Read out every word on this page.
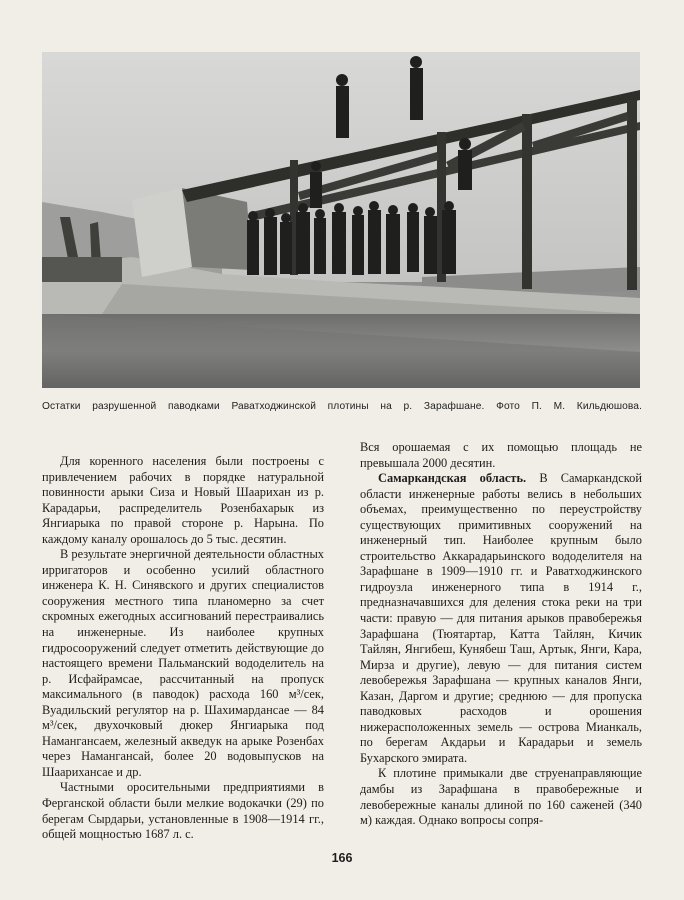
Остатки разрушенной паводками Раватходжинской плотины на р. Зарафшане. Фото П. М. Кильдюшова.

Для коренного населения были построены с привлечением рабочих в порядке натуральной повинности арыки Сиза и Новый Шаарихан из р. Карадарьи, распределитель Розенбахарык из Янгиарыка по правой стороне р. Нарына. По каждому каналу орошалось до 5 тыс. десятин.

В результате энергичной деятельности областных ирригаторов и особенно усилий областного инженера К. Н. Синявского и других специалистов сооружения местного типа планомерно за счет скромных ежегодных ассигнований перестраивались на инженерные. Из наиболее крупных гидросооружений следует отметить действующие до настоящего времени Пальманский вододелитель на р. Исфайрамсае, рассчитанный на пропуск максимального (в паводок) расхода 160 м³/сек, Вуадильский регулятор на р. Шахимардансае — 84 м³/сек, двухочковый дюкер Янгиарыка под Намангансаем, железный акведук на арыке Розенбах через Намангансай, более 20 водовыпусков на Шаарихансае и др.

Частными оросительными предприятиями в Ферганской области были мелкие водокачки (29) по берегам Сырдарьи, установленные в 1908—1914 гг., общей мощностью 1687 л. с.

Вся орошаемая с их помощью площадь не превышала 2000 десятин.

Самаркандская область. В Самаркандской области инженерные работы велись в небольших объемах, преимущественно по переустройству существующих примитивных сооружений на инженерный тип. Наиболее крупным было строительство Аккарадарьинского вододелителя на Зарафшане в 1909—1910 гг. и Раватходжинского гидроузла инженерного типа в 1914 г., предназначавшихся для деления стока реки на три части: правую — для питания арыков правобережья Зарафшана (Тюятартар, Катта Тайлян, Кичик Тайлян, Янгибеш, Кунябеш Таш, Артык, Янги, Кара, Мирза и другие), левую — для питания систем левобережья Зарафшана — крупных каналов Янги, Казан, Даргом и другие; среднюю — для пропуска паводковых расходов и орошения нижерасположенных земель — острова Мианкаль, по берегам Акдарьи и Карадарьи и земель Бухарского эмирата.

К плотине примыкали две струенаправляющие дамбы из Зарафшана в правобережные и левобережные каналы длиной по 160 саженей (340 м) каждая. Однако вопросы сопря-

166
